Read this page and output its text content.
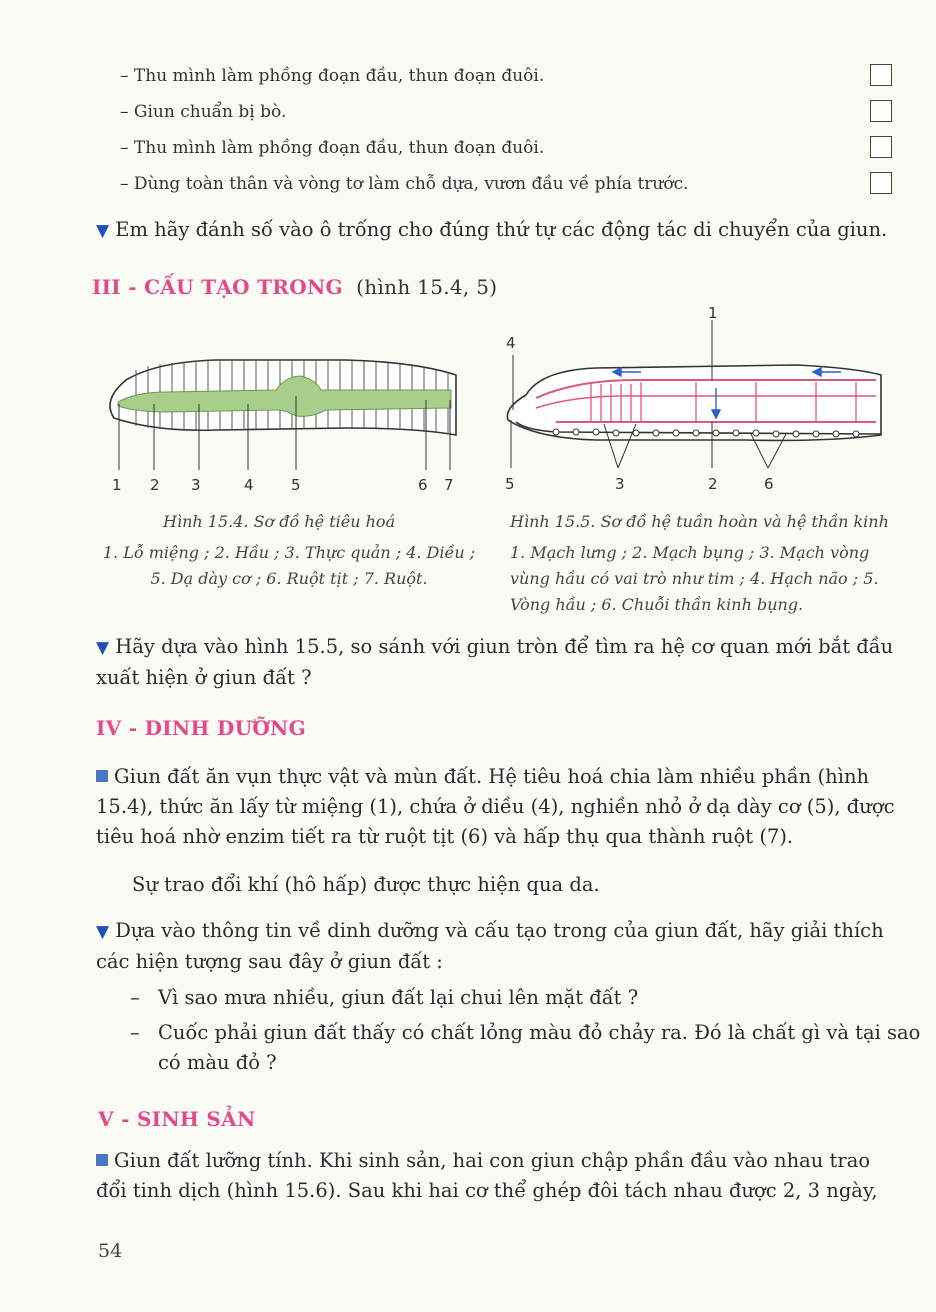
– Thu mình làm phồng đoạn đầu, thun đoạn đuôi.
– Giun chuẩn bị bò.
– Thu mình làm phồng đoạn đầu, thun đoạn đuôi.
– Dùng toàn thân và vòng tơ làm chỗ dựa, vươn đầu về phía trước.
▼ Em hãy đánh số vào ô trống cho đúng thứ tự các động tác di chuyển của giun.
III - CẤU TẠO TRONG (hình 15.4, 5)
1 2 3	4 5	6 7
Hình 15.4. Sơ đồ hệ tiêu hoá
1. Lỗ miệng ; 2. Hầu ; 3. Thực quản ; 4. Diều ; 5. Dạ dày cơ ; 6. Ruột tịt ; 7. Ruột.
1
4
5	3	2	6
Hình 15.5. Sơ đồ hệ tuần hoàn và hệ thần kinh
1. Mạch lưng ; 2. Mạch bụng ; 3. Mạch vòng vùng hầu có vai trò như tim ; 4. Hạch não ; 5. Vòng hầu ; 6. Chuỗi thần kinh bụng.
▼ Hãy dựa vào hình 15.5, so sánh với giun tròn để tìm ra hệ cơ quan mới bắt đầu xuất hiện ở giun đất ?
IV - DINH DƯỠNG
Giun đất ăn vụn thực vật và mùn đất. Hệ tiêu hoá chia làm nhiều phần (hình 15.4), thức ăn lấy từ miệng (1), chứa ở diều (4), nghiền nhỏ ở dạ dày cơ (5), được tiêu hoá nhờ enzim tiết ra từ ruột tịt (6) và hấp thụ qua thành ruột (7).
Sự trao đổi khí (hô hấp) được thực hiện qua da.
▼ Dựa vào thông tin về dinh dưỡng và cấu tạo trong của giun đất, hãy giải thích các hiện tượng sau đây ở giun đất :
– Vì sao mưa nhiều, giun đất lại chui lên mặt đất ?
– Cuốc phải giun đất thấy có chất lỏng màu đỏ chảy ra. Đó là chất gì và tại sao có màu đỏ ?
V - SINH SẢN
Giun đất lưỡng tính. Khi sinh sản, hai con giun chập phần đầu vào nhau trao đổi tinh dịch (hình 15.6). Sau khi hai cơ thể ghép đôi tách nhau được 2, 3 ngày,
54
